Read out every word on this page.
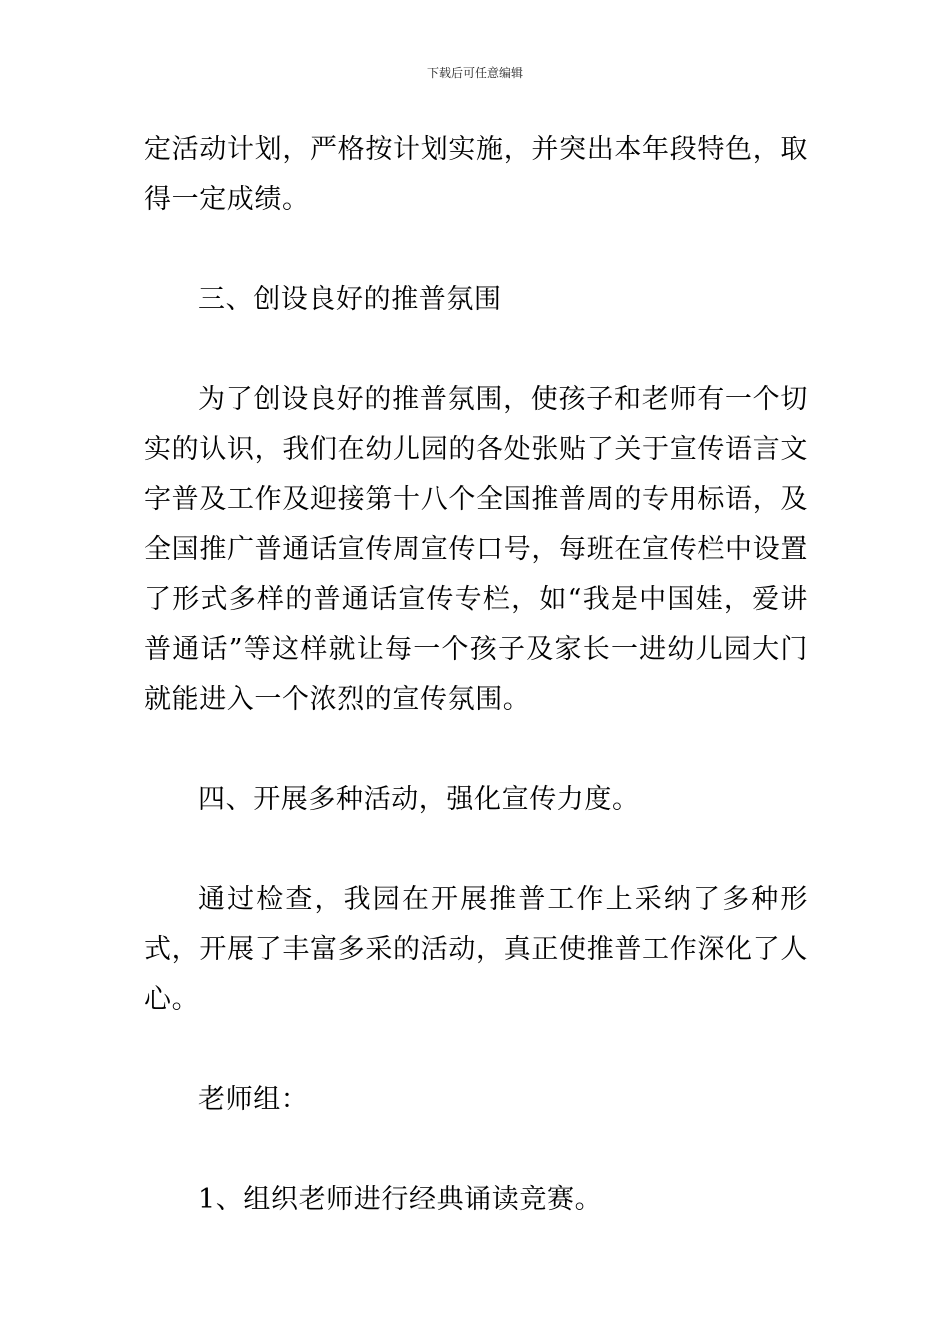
下载后可任意编辑

定活动计划，严格按计划实施，并突出本年段特色，取得一定成绩。

三、创设良好的推普氛围

为了创设良好的推普氛围，使孩子和老师有一个切实的认识，我们在幼儿园的各处张贴了关于宣传语言文字普及工作及迎接第十八个全国推普周的专用标语，及全国推广普通话宣传周宣传口号，每班在宣传栏中设置了形式多样的普通话宣传专栏，如“我是中国娃，爱讲普通话”等这样就让每一个孩子及家长一进幼儿园大门就能进入一个浓烈的宣传氛围。

四、开展多种活动，强化宣传力度。

通过检查，我园在开展推普工作上采纳了多种形式，开展了丰富多采的活动，真正使推普工作深化了人心。

老师组：

1、组织老师进行经典诵读竞赛。
